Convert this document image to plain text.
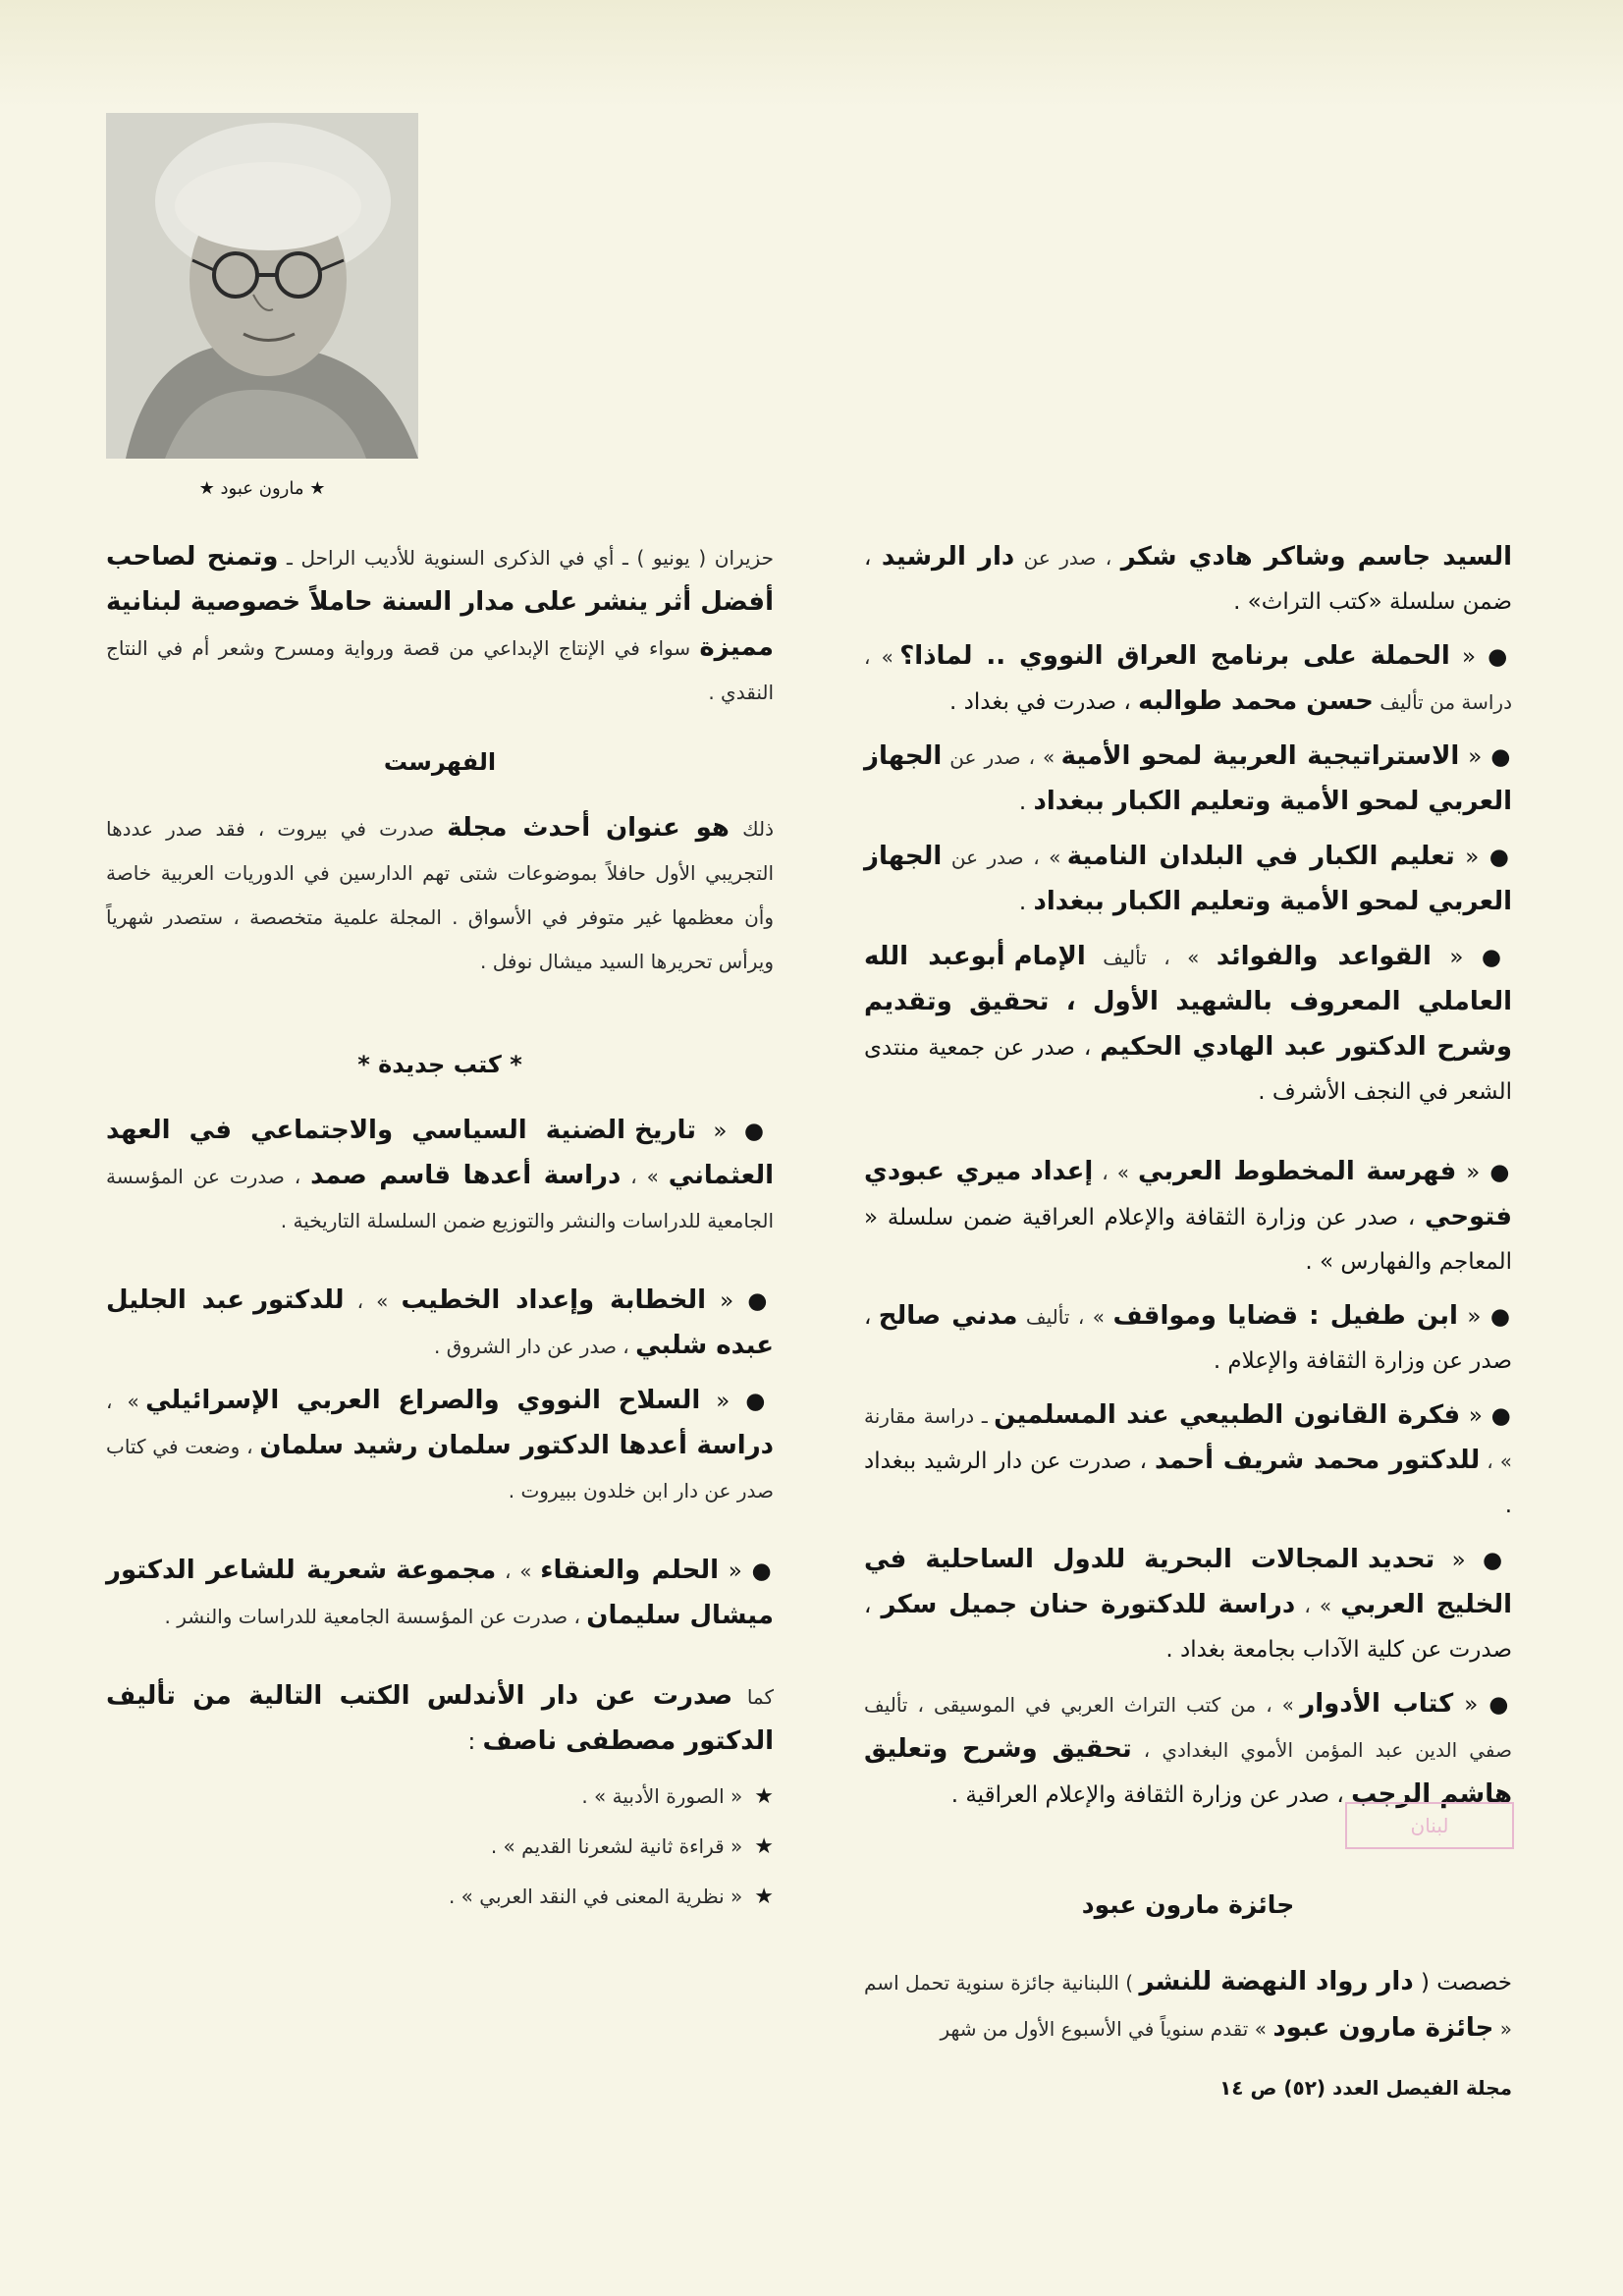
★ مارون عبود ★

السيد جاسم وشاكر هادي شكر ، صدر عن دار الرشيد ، ضمن سلسلة «كتب التراث» .

● « الحملة على برنامج العراق النووي .. لماذا؟ » ، دراسة من تأليف حسن محمد طوالبه ، صدرت في بغداد .

● « الاستراتيجية العربية لمحو الأمية » ، صدر عن الجهاز العربي لمحو الأمية وتعليم الكبار ببغداد .

● « تعليم الكبار في البلدان النامية » ، صدر عن الجهاز العربي لمحو الأمية وتعليم الكبار ببغداد .

● « القواعد والفوائد » ، تأليف الإمام أبوعبد الله العاملي المعروف بالشهيد الأول ، تحقيق وتقديم وشرح الدكتور عبد الهادي الحكيم ، صدر عن جمعية منتدى الشعر في النجف الأشرف .

● « فهرسة المخطوط العربي » ، إعداد ميري عبودي فتوحي ، صدر عن وزارة الثقافة والإعلام العراقية ضمن سلسلة « المعاجم والفهارس » .

● « ابن طفيل : قضايا ومواقف » ، تأليف مدني صالح ، صدر عن وزارة الثقافة والإعلام .

● « فكرة القانون الطبيعي عند المسلمين ـ دراسة مقارنة » ، للدكتور محمد شريف أحمد ، صدرت عن دار الرشيد ببغداد .

● « تحديد المجالات البحرية للدول الساحلية في الخليج العربي » ، دراسة للدكتورة حنان جميل سكر ، صدرت عن كلية الآداب بجامعة بغداد .

● « كتاب الأدوار » ، من كتب التراث العربي في الموسيقى ، تأليف صفي الدين عبد المؤمن الأموي البغدادي ، تحقيق وشرح وتعليق هاشم الرجب ، صدر عن وزارة الثقافة والإعلام العراقية .

لبنان
جائزة مارون عبود
خصصت ( دار رواد النهضة للنشر ) اللبنانية جائزة سنوية تحمل اسم « جائزة مارون عبود » تقدم سنوياً في الأسبوع الأول من شهر

حزيران ( يونيو ) ـ أي في الذكرى السنوية للأديب الراحل ـ وتمنح لصاحب أفضل أثر ينشر على مدار السنة حاملاً خصوصية لبنانية مميزة سواء في الإنتاج الإبداعي من قصة ورواية ومسرح وشعر أم في النتاج النقدي .

الفهرست

ذلك هو عنوان أحدث مجلة صدرت في بيروت ، فقد صدر عددها التجريبي الأول حافلاً بموضوعات شتى تهم الدارسين في الدوريات العربية خاصة وأن معظمها غير متوفر في الأسواق . المجلة علمية متخصصة ، ستصدر شهرياً ويرأس تحريرها السيد ميشال نوفل .

* كتب جديدة *

● « تاريخ الضنية السياسي والاجتماعي في العهد العثماني » ، دراسة أعدها قاسم صمد ، صدرت عن المؤسسة الجامعية للدراسات والنشر والتوزيع ضمن السلسلة التاريخية .

● « الخطابة وإعداد الخطيب » ، للدكتور عبد الجليل عبده شلبي ، صدر عن دار الشروق .

● « السلاح النووي والصراع العربي الإسرائيلي » ، دراسة أعدها الدكتور سلمان رشيد سلمان ، وضعت في كتاب صدر عن دار ابن خلدون ببيروت .

● « الحلم والعنقاء » ، مجموعة شعرية للشاعر الدكتور ميشال سليمان ، صدرت عن المؤسسة الجامعية للدراسات والنشر .

كما صدرت عن دار الأندلس الكتب التالية من تأليف الدكتور مصطفى ناصف :

★« الصورة الأدبية » .
★« قراءة ثانية لشعرنا القديم » .
★« نظرية المعنى في النقد العربي » .
مجلة الفيصل العدد (٥٢) ص ١٤
